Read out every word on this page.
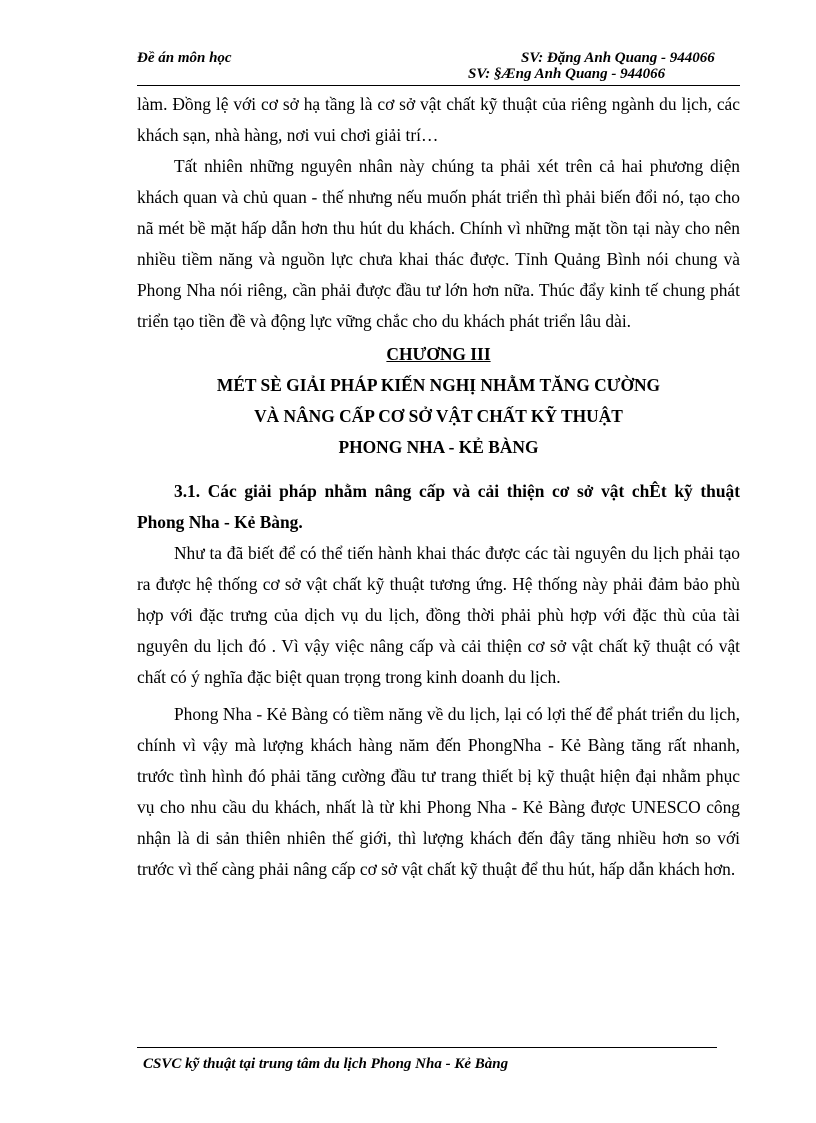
Đề án môn học	SV: Đặng Anh Quang - 944066
SV: §Æng Anh Quang - 944066

làm. Đồng lệ với cơ sở hạ tầng là cơ sở vật chất kỹ thuật của riêng ngành du lịch, các khách sạn, nhà hàng, nơi vui chơi giải trí…

Tất nhiên những nguyên nhân này chúng ta phải xét trên cả hai phương diện khách quan và chủ quan - thế nhưng nếu muốn phát triển thì phải biến đổi nó, tạo cho nã mét bề mặt hấp dẫn hơn thu hút du khách. Chính vì những mặt tồn tại này cho nên nhiều tiềm năng và nguồn lực chưa khai thác được. Tỉnh Quảng Bình nói chung và Phong Nha nói riêng, cần phải được đầu tư lớn hơn nữa. Thúc đẩy kinh tế chung phát triển tạo tiền đề và động lực vững chắc cho du khách phát triển lâu dài.

CHƯƠNG III

MÉT SÈ GIẢI PHÁP KIẾN NGHỊ NHẰM TĂNG CƯỜNG

VÀ NÂNG CẤP CƠ SỞ VẬT CHẤT KỸ THUẬT

PHONG NHA - KẺ BÀNG

3.1. Các giải pháp nhằm nâng cấp và cải thiện cơ sở vật chÊt kỹ thuật Phong Nha - Kẻ Bàng.

Như ta đã biết để có thể tiến hành khai thác được các tài nguyên du lịch phải tạo ra được hệ thống cơ sở vật chất kỹ thuật tương ứng. Hệ thống này phải đảm bảo phù hợp với đặc trưng của dịch vụ du lịch, đồng thời phải phù hợp với đặc thù của tài nguyên du lịch đó . Vì vậy việc nâng cấp và cải thiện cơ sở vật chất kỹ thuật có vật chất có ý nghĩa đặc biệt quan trọng trong kinh doanh du lịch.

Phong Nha - Kẻ Bàng có tiềm năng về du lịch, lại có lợi thế để phát triển du lịch, chính vì vậy mà lượng khách hàng năm đến PhongNha - Kẻ Bàng tăng rất nhanh, trước tình hình đó phải tăng cường đầu tư trang thiết bị kỹ thuật hiện đại nhằm phục vụ cho nhu cầu du khách, nhất là từ khi Phong Nha - Kẻ Bàng được UNESCO công nhận là di sản thiên nhiên thế giới, thì lượng khách đến đây tăng nhiều hơn so với trước vì thế càng phải nâng cấp cơ sở vật chất kỹ thuật để thu hút, hấp dẫn khách hơn.

CSVC kỹ thuật tại trung tâm du lịch Phong Nha - Kẻ Bàng
